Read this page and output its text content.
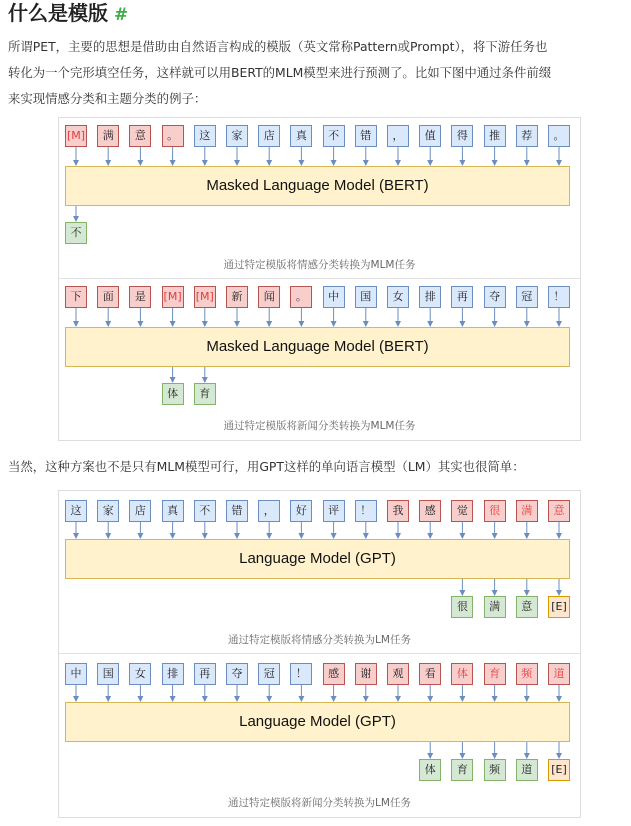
什么是模版 #

所谓PET，主要的思想是借助由自然语言构成的模版（英文常称Pattern或Prompt），将下游任务也

转化为一个完形填空任务，这样就可以用BERT的MLM模型来进行预测了。比如下图中通过条件前缀

来实现情感分类和主题分类的例子：

[M]	满	意	。	这	家	店	真	不	错	，	值	得	推	荐	。
Masked Language Model (BERT)
不
通过特定模版将情感分类转换为MLM任务
下	面	是	[M] [M]	新	闻	。	中	国	女	排	再	夺	冠	！
Masked Language Model (BERT)
体	育
通过特定模版将新闻分类转换为MLM任务

当然，这种方案也不是只有MLM模型可行，用GPT这样的单向语言模型（LM）其实也很简单：

这	家	店	真	不	错	，	好	评	！	我	感	觉	很	满	意
Language Model (GPT)
很	满	意	[E]
通过特定模版将情感分类转换为LM任务
中	国	女	排	再	夺	冠	！	感	谢	观	看	体	育	频	道
Language Model (GPT)
体	育	频	道	[E]
通过特定模版将新闻分类转换为LM任务
